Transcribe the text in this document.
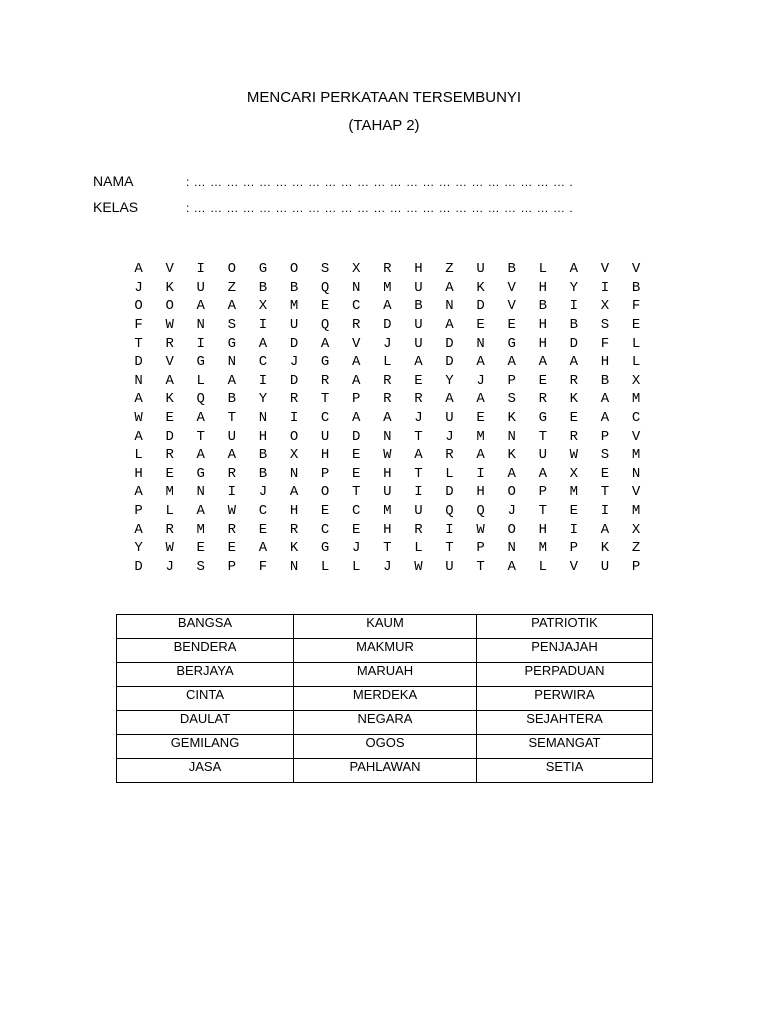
MENCARI PERKATAAN TERSEMBUNYI
(TAHAP 2)
NAMA	: … … … … … … … … … … … … … … … … … … … … … … … .
KELAS	: … … … … … … … … … … … … … … … … … … … … … … … .
A	V	I	O	G	O	S	X	R	H	Z	U	B	L	A	V	V
J	K	U	Z	B	B	Q	N	M	U	A	K	V	H	Y	I	B
O	O	A	A	X	M	E	C	A	B	N	D	V	B	I	X	F
F	W	N	S	I	U	Q	R	D	U	A	E	E	H	B	S	E
T	R	I	G	A	D	A	V	J	U	D	N	G	H	D	F	L
D	V	G	N	C	J	G	A	L	A	D	A	A	A	A	H	L
N	A	L	A	I	D	R	A	R	E	Y	J	P	E	R	B	X
A	K	Q	B	Y	R	T	P	R	R	A	A	S	R	K	A	M
W	E	A	T	N	I	C	A	A	J	U	E	K	G	E	A	C
A	D	T	U	H	O	U	D	N	T	J	M	N	T	R	P	V
L	R	A	A	B	X	H	E	W	A	R	A	K	U	W	S	M
H	E	G	R	B	N	P	E	H	T	L	I	A	A	X	E	N
A	M	N	I	J	A	O	T	U	I	D	H	O	P	M	T	V
P	L	A	W	C	H	E	C	M	U	Q	Q	J	T	E	I	M
A	R	M	R	E	R	C	E	H	R	I	W	O	H	I	A	X
Y	W	E	E	A	K	G	J	T	L	T	P	N	M	P	K	Z
D	J	S	P	F	N	L	L	J	W	U	T	A	L	V	U	P
BANGSA	KAUM	PATRIOTIK
BENDERA	MAKMUR	PENJAJAH
BERJAYA	MARUAH	PERPADUAN
CINTA	MERDEKA	PERWIRA
DAULAT	NEGARA	SEJAHTERA
GEMILANG	OGOS	SEMANGAT
JASA	PAHLAWAN	SETIA
